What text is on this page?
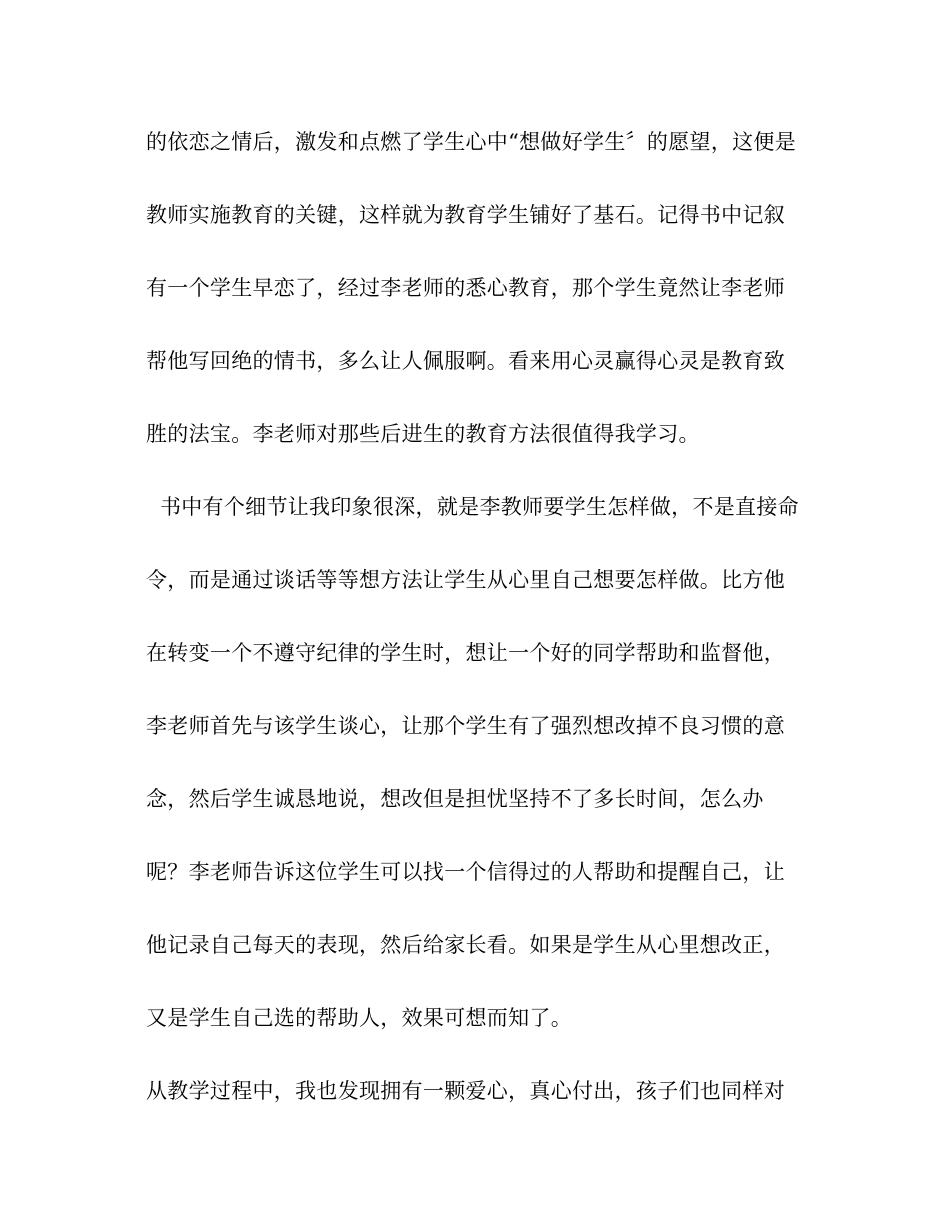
的依恋之情后，激发和点燃了学生心中“想做好学生〞的愿望，这便是
教师实施教育的关键，这样就为教育学生铺好了基石。记得书中记叙
有一个学生早恋了，经过李老师的悉心教育，那个学生竟然让李老师
帮他写回绝的情书，多么让人佩服啊。看来用心灵赢得心灵是教育致
胜的法宝。李老师对那些后进生的教育方法很值得我学习。
书中有个细节让我印象很深，就是李教师要学生怎样做，不是直接命
令，而是通过谈话等等想方法让学生从心里自己想要怎样做。比方他
在转变一个不遵守纪律的学生时，想让一个好的同学帮助和监督他，
李老师首先与该学生谈心，让那个学生有了强烈想改掉不良习惯的意
念，然后学生诚恳地说，想改但是担忧坚持不了多长时间，怎么办
呢？李老师告诉这位学生可以找一个信得过的人帮助和提醒自己，让
他记录自己每天的表现，然后给家长看。如果是学生从心里想改正，
又是学生自己选的帮助人，效果可想而知了。
从教学过程中，我也发现拥有一颗爱心，真心付出，孩子们也同样对
